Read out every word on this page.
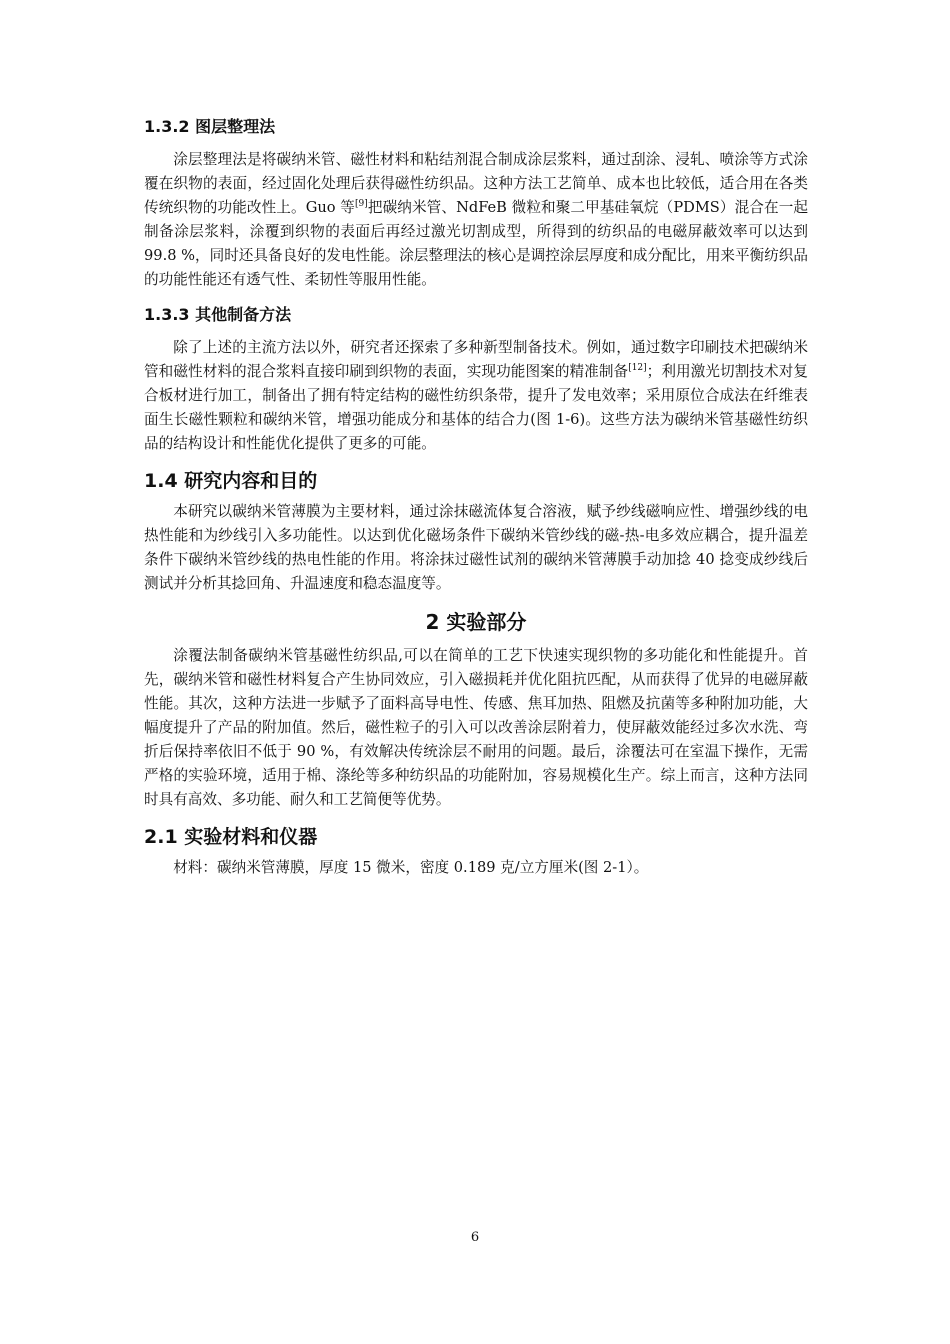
1.3.2 图层整理法

涂层整理法是将碳纳米管、磁性材料和粘结剂混合制成涂层浆料，通过刮涂、浸轧、喷涂等方式涂覆在织物的表面，经过固化处理后获得磁性纺织品。这种方法工艺简单、成本也比较低，适合用在各类传统织物的功能改性上。Guo 等[9]把碳纳米管、NdFeB 微粒和聚二甲基硅氧烷（PDMS）混合在一起制备涂层浆料，涂覆到织物的表面后再经过激光切割成型，所得到的纺织品的电磁屏蔽效率可以达到 99.8 %，同时还具备良好的发电性能。涂层整理法的核心是调控涂层厚度和成分配比，用来平衡纺织品的功能性能还有透气性、柔韧性等服用性能。

1.3.3 其他制备方法

除了上述的主流方法以外，研究者还探索了多种新型制备技术。例如，通过数字印刷技术把碳纳米管和磁性材料的混合浆料直接印刷到织物的表面，实现功能图案的精准制备[12]；利用激光切割技术对复合板材进行加工，制备出了拥有特定结构的磁性纺织条带，提升了发电效率；采用原位合成法在纤维表面生长磁性颗粒和碳纳米管，增强功能成分和基体的结合力(图 1-6)。这些方法为碳纳米管基磁性纺织品的结构设计和性能优化提供了更多的可能。

1.4 研究内容和目的

本研究以碳纳米管薄膜为主要材料，通过涂抹磁流体复合溶液，赋予纱线磁响应性、增强纱线的电热性能和为纱线引入多功能性。以达到优化磁场条件下碳纳米管纱线的磁-热-电多效应耦合，提升温差条件下碳纳米管纱线的热电性能的作用。将涂抹过磁性试剂的碳纳米管薄膜手动加捻 40 捻变成纱线后测试并分析其捻回角、升温速度和稳态温度等。

2 实验部分

涂覆法制备碳纳米管基磁性纺织品,可以在简单的工艺下快速实现织物的多功能化和性能提升。首先，碳纳米管和磁性材料复合产生协同效应，引入磁损耗并优化阻抗匹配，从而获得了优异的电磁屏蔽性能。其次，这种方法进一步赋予了面料高导电性、传感、焦耳加热、阻燃及抗菌等多种附加功能，大幅度提升了产品的附加值。然后，磁性粒子的引入可以改善涂层附着力，使屏蔽效能经过多次水洗、弯折后保持率依旧不低于 90 %，有效解决传统涂层不耐用的问题。最后，涂覆法可在室温下操作，无需严格的实验环境，适用于棉、涤纶等多种纺织品的功能附加，容易规模化生产。综上而言，这种方法同时具有高效、多功能、耐久和工艺简便等优势。

2.1 实验材料和仪器

材料：碳纳米管薄膜，厚度 15 微米，密度 0.189 克/立方厘米(图 2-1）。

6
